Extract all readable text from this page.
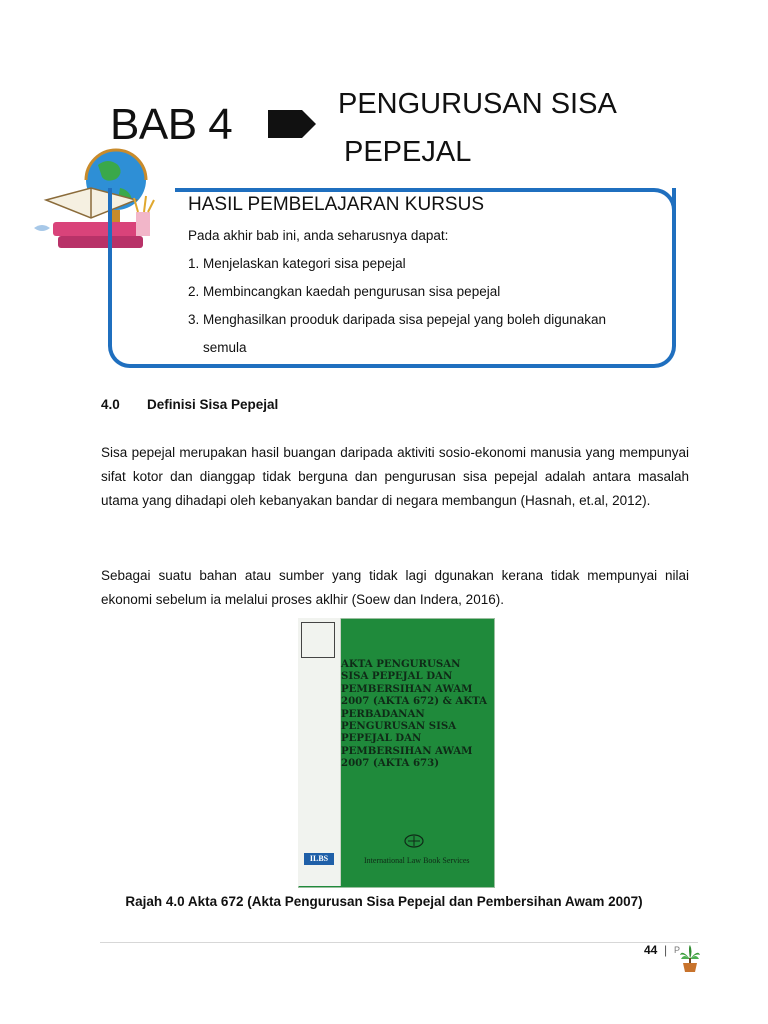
BAB 4	PENGURUSAN SISA
PEPEJAL
HASIL PEMBELAJARAN KURSUS
Pada akhir bab ini, anda seharusnya dapat:
1. Menjelaskan kategori sisa pepejal
2. Membincangkan kaedah pengurusan sisa pepejal
3. Menghasilkan prooduk daripada sisa pepejal yang boleh digunakan
semula
4.0 Definisi Sisa Pepejal
Sisa pepejal merupakan hasil buangan daripada aktiviti sosio-ekonomi manusia yang mempunyai sifat kotor dan dianggap tidak berguna dan pengurusan sisa pepejal adalah antara masalah utama yang dihadapi oleh kebanyakan bandar di negara membangun (Hasnah, et.al, 2012).
Sebagai suatu bahan atau sumber yang tidak lagi dgunakan kerana tidak mempunyai nilai ekonomi sebelum ia melalui proses aklhir (Soew dan Indera, 2016).
AKTA PENGURUSAN SISA PEPEJAL DAN PEMBERSIHAN AWAM 2007 (AKTA 672) & AKTA PERBADANAN PENGURUSAN SISA PEPEJAL DAN PEMBERSIHAN AWAM 2007 (AKTA 673)
International Law Book Services
ILBS
Rajah 4.0 Akta 672 (Akta Pengurusan Sisa Pepejal dan Pembersihan Awam 2007)
44 | P
